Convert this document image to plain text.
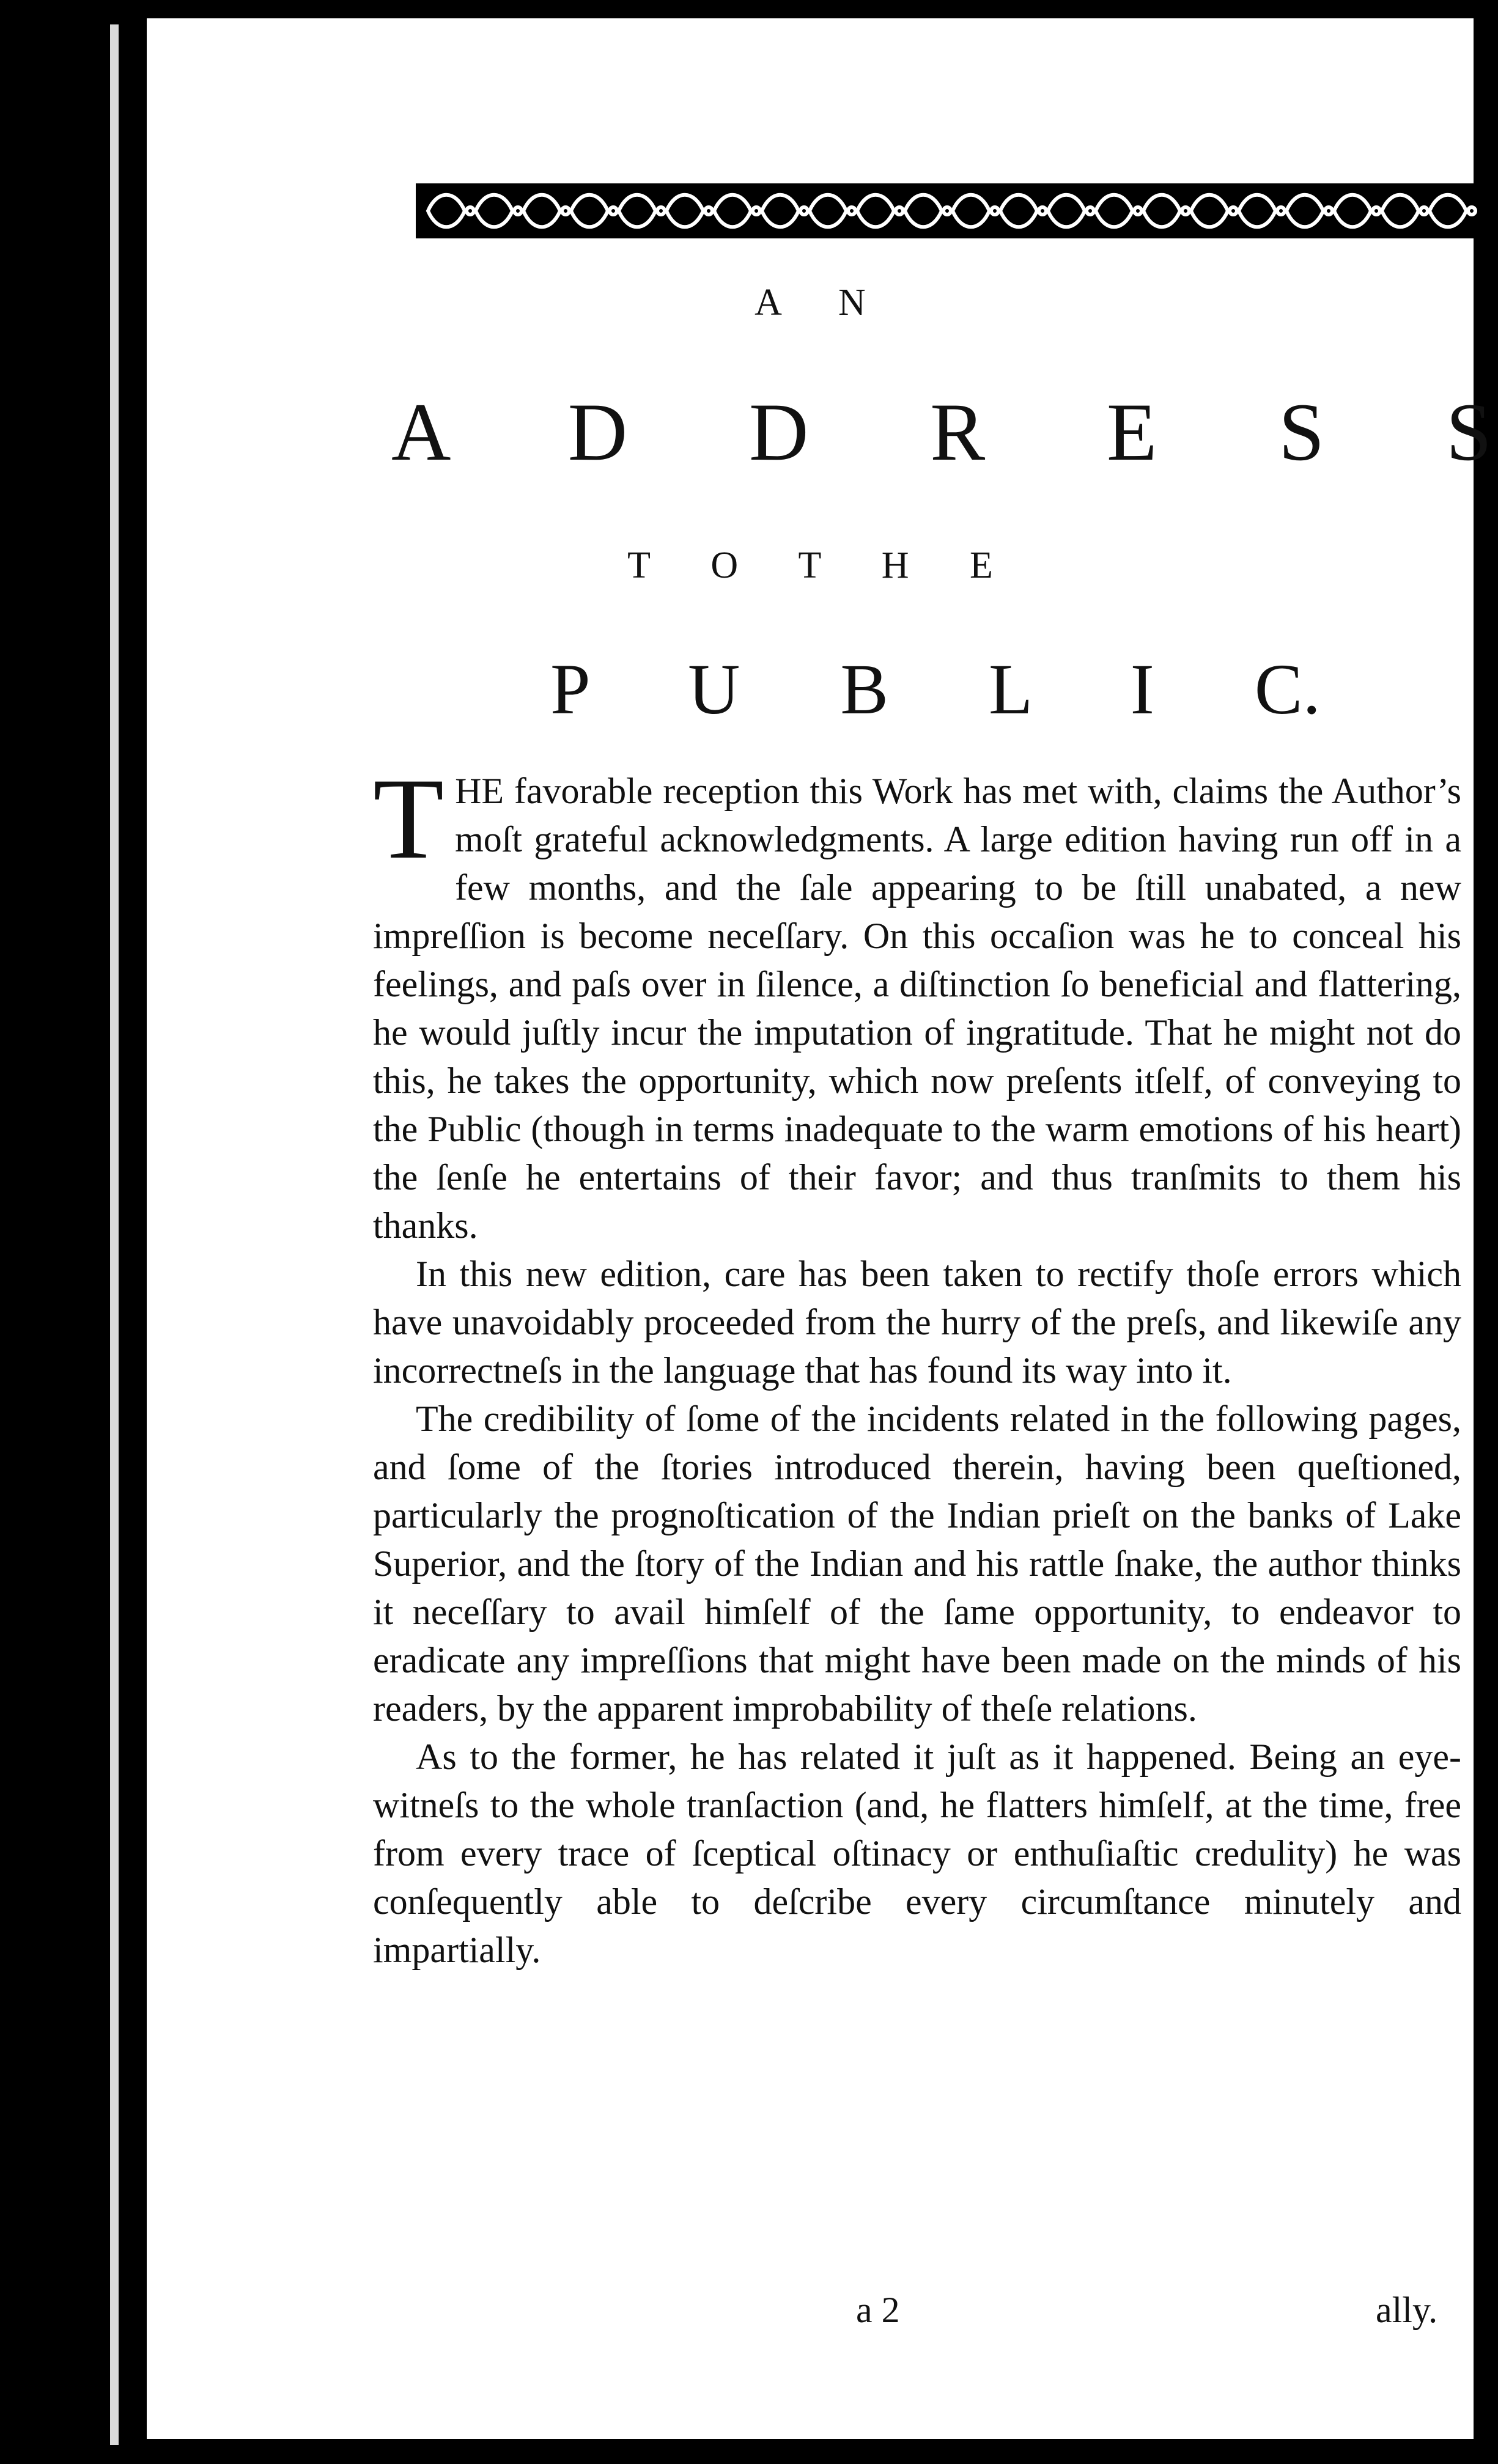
A N
A D D R E S S
T O T H E
P U B L I C.

THE favorable reception this Work has met with, claims the Author’s moſt grateful acknowledgments. A large edition having run off in a few months, and the ſale appearing to be ſtill unabated, a new impreſſion is become neceſſary. On this occaſion was he to conceal his feelings, and paſs over in ſilence, a diſtinction ſo beneficial and flattering, he would juſtly incur the imputation of ingratitude. That he might not do this, he takes the opportunity, which now preſents itſelf, of conveying to the Public (though in terms inadequate to the warm emotions of his heart) the ſenſe he entertains of their favor; and thus tranſmits to them his thanks.

In this new edition, care has been taken to rectify thoſe errors which have unavoidably proceeded from the hurry of the preſs, and likewiſe any incorrectneſs in the language that has found its way into it.

The credibility of ſome of the incidents related in the following pages, and ſome of the ſtories introduced therein, having been queſtioned, particularly the prognoſtication of the Indian prieſt on the banks of Lake Superior, and the ſtory of the Indian and his rattle ſnake, the author thinks it neceſſary to avail himſelf of the ſame opportunity, to endeavor to eradicate any impreſſions that might have been made on the minds of his readers, by the apparent improbability of theſe relations.

As to the former, he has related it juſt as it happened. Being an eye-witneſs to the whole tranſaction (and, he flatters himſelf, at the time, free from every trace of ſceptical oſtinacy or enthuſiaſtic credulity) he was conſequently able to deſcribe every circumſtance minutely and impartially.

a 2	ally.
